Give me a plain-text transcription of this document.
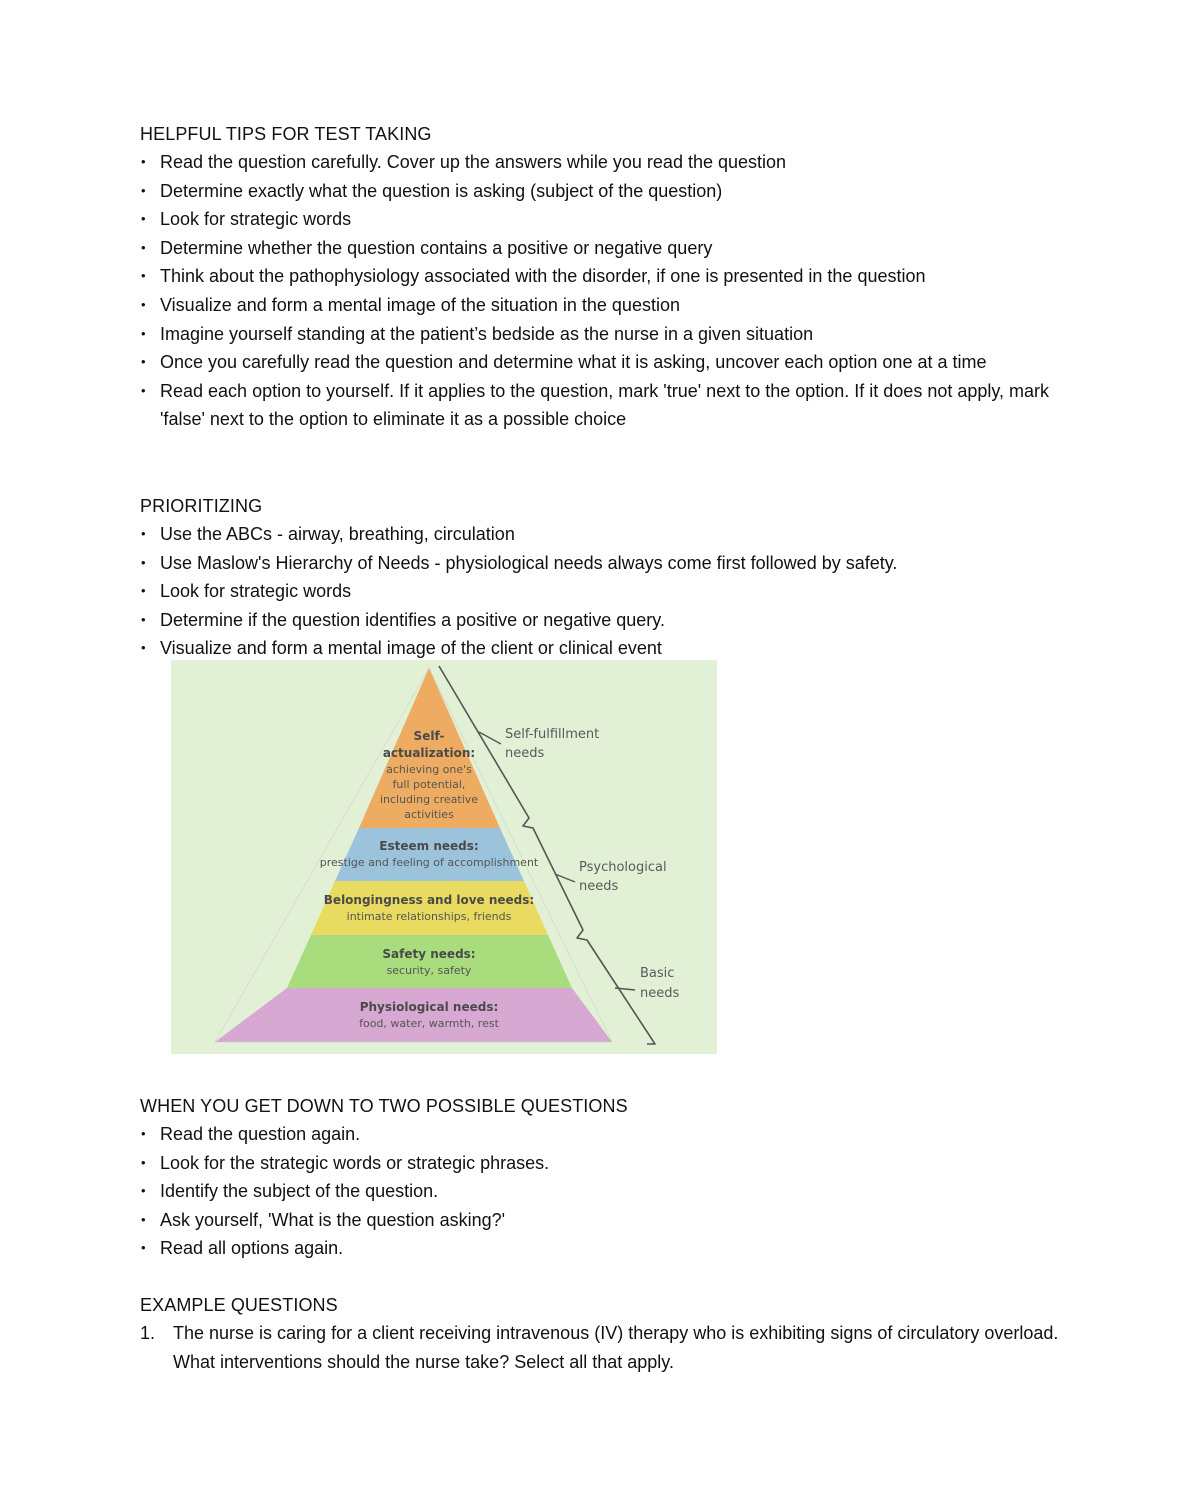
HELPFUL TIPS FOR TEST TAKING
• Read the question carefully. Cover up the answers while you read the question
• Determine exactly what the question is asking (subject of the question)
• Look for strategic words
• Determine whether the question contains a positive or negative query
• Think about the pathophysiology associated with the disorder, if one is presented in the question
• Visualize and form a mental image of the situation in the question
• Imagine yourself standing at the patient’s bedside as the nurse in a given situation
• Once you carefully read the question and determine what it is asking, uncover each option one at a time
• Read each option to yourself. If it applies to the question, mark 'true' next to the option. If it does not apply, mark 'false' next to the option to eliminate it as a possible choice
PRIORITIZING
• Use the ABCs - airway, breathing, circulation
• Use Maslow's Hierarchy of Needs - physiological needs always come first followed by safety.
• Look for strategic words
• Determine if the question identifies a positive or negative query.
• Visualize and form a mental image of the client or clinical event
Self-
actualization:
achieving one's
full potential,
including creative
activities
Esteem needs:
prestige and feeling of accomplishment
Belongingness and love needs:
intimate relationships, friends
Safety needs:
security, safety
Physiological needs:
food, water, warmth, rest
Self-fulfillment
needs
Psychological
needs
Basic
needs
WHEN YOU GET DOWN TO TWO POSSIBLE QUESTIONS
• Read the question again.
• Look for the strategic words or strategic phrases.
• Identify the subject of the question.
• Ask yourself, 'What is the question asking?'
• Read all options again.
EXAMPLE QUESTIONS
1. The nurse is caring for a client receiving intravenous (IV) therapy who is exhibiting signs of circulatory overload. What interventions should the nurse take? Select all that apply.
